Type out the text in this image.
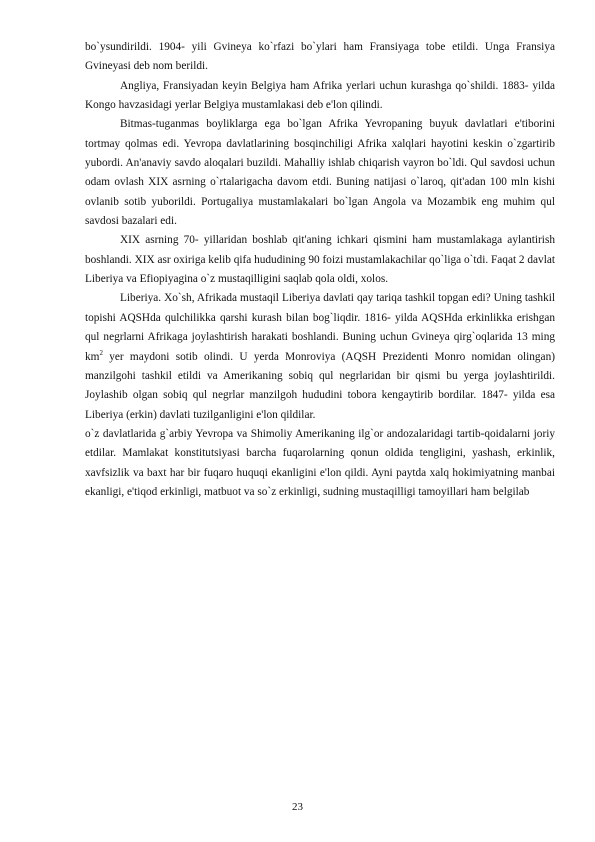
bo`ysundirildi. 1904- yili Gvineya ko`rfazi bo`ylari ham Fransiyaga tobe etildi. Unga Fransiya Gvineyasi deb nom berildi.

Angliya, Fransiyadan keyin Belgiya ham Afrika yerlari uchun kurashga qo`shildi. 1883- yilda Kongo havzasidagi yerlar Belgiya mustamlakasi deb e'lon qilindi.

Bitmas-tuganmas boyliklarga ega bo`lgan Afrika Yevropaning buyuk davlatlari e'tiborini tortmay qolmas edi. Yevropa davlatlarining bosqinchiligi Afrika xalqlari hayotini keskin o`zgartirib yubordi. An'anaviy savdo aloqalari buzildi. Mahalliy ishlab chiqarish vayron bo`ldi. Qul savdosi uchun odam ovlash XIX asrning o`rtalarigacha davom etdi. Buning natijasi o`laroq, qit'adan 100 mln kishi ovlanib sotib yuborildi. Portugaliya mustamlakalari bo`lgan Angola va Mozambik eng muhim qul savdosi bazalari edi.

XIX asrning 70- yillaridan boshlab qit'aning ichkari qismini ham mustamlakaga aylantirish boshlandi. XIX asr oxiriga kelib qifa hududining 90 foizi mustamlakachilar qo`liga o`tdi. Faqat 2 davlat Liberiya va Efiopiyagina o`z mustaqilligini saqlab qola oldi, xolos.

Liberiya. Xo`sh, Afrikada mustaqil Liberiya davlati qay tariqa tashkil topgan edi? Uning tashkil topishi AQSHda qulchilikka qarshi kurash bilan bog`liqdir. 1816- yilda AQSHda erkinlikka erishgan qul negrlarni Afrikaga joylashtirish harakati boshlandi. Buning uchun Gvineya qirg`oqlarida 13 ming $km^2$ yer maydoni sotib olindi. U yerda Monroviya (AQSH Prezidenti Monro nomidan olingan) manzilgohi tashkil etildi va Amerikaning sobiq qul negrlaridan bir qismi bu yerga joylashtirildi. Joylashib olgan sobiq qul negrlar manzilgoh hududini tobora kengaytirib bordilar. 1847- yilda esa Liberiya (erkin) davlati tuzilganligini e'lon qildilar.

o`z davlatlarida g`arbiy Yevropa va Shimoliy Amerikaning ilg`or andozalaridagi tartib-qoidalarni joriy etdilar. Mamlakat konstitutsiyasi barcha fuqarolarning qonun oldida tengligini, yashash, erkinlik, xavfsizlik va baxt har bir fuqaro huquqi ekanligini e'lon qildi. Ayni paytda xalq hokimiyatning manbai ekanligi, e'tiqod erkinligi, matbuot va so`z erkinligi, sudning mustaqilligi tamoyillari ham belgilab

23
